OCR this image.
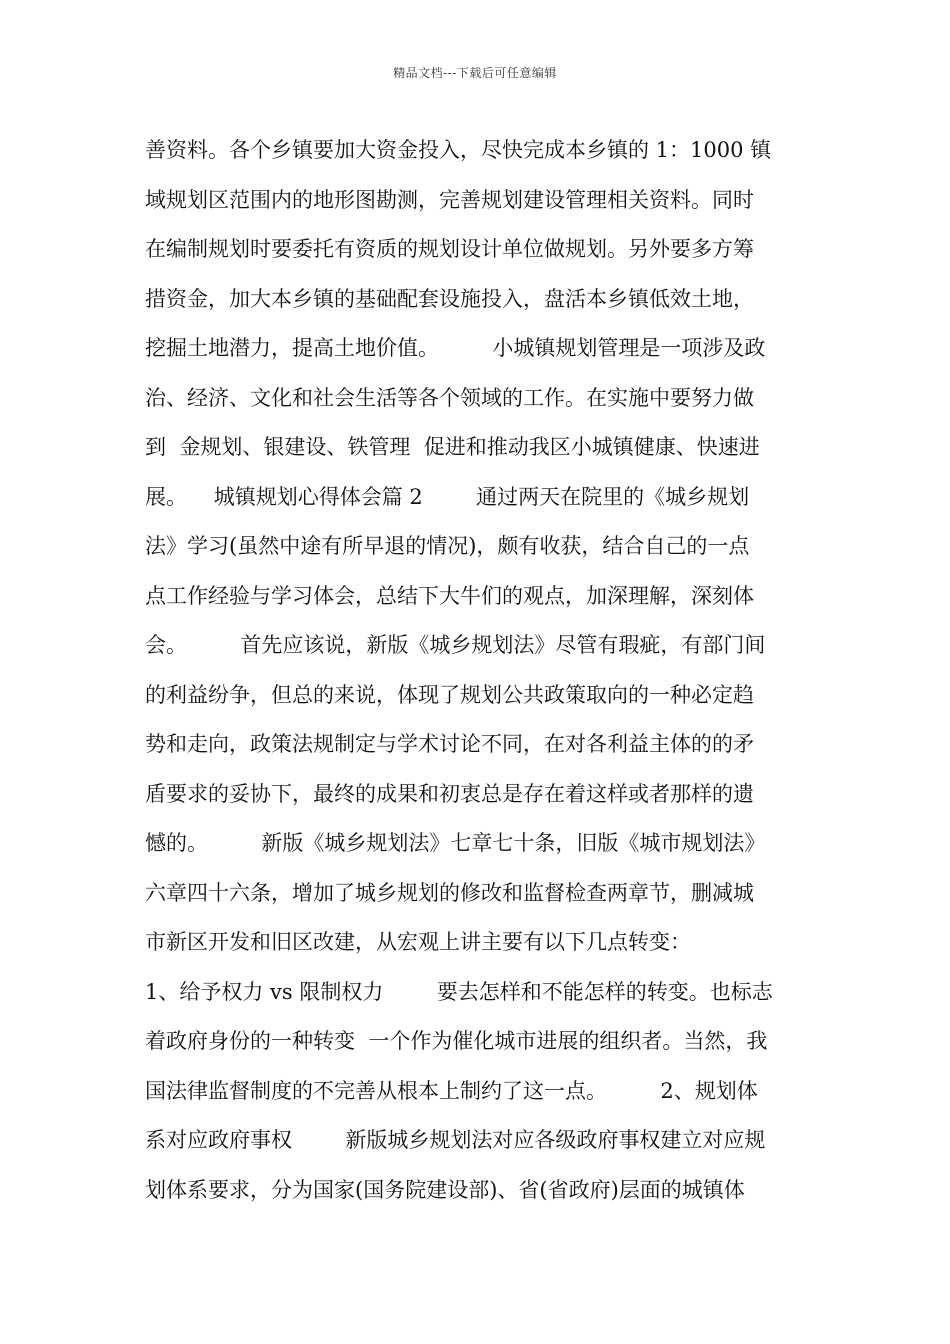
精品文档---下载后可任意编辑
善资料。各个乡镇要加大资金投入，尽快完成本乡镇的 1：1000 镇
域规划区范围内的地形图勘测，完善规划建设管理相关资料。同时
在编制规划时要委托有资质的规划设计单位做规划。另外要多方筹
措资金，加大本乡镇的基础配套设施投入，盘活本乡镇低效土地，
挖掘土地潜力，提高土地价值。        小城镇规划管理是一项涉及政
治、经济、文化和社会生活等各个领域的工作。在实施中要努力做
到  金规划、银建设、铁管理  促进和推动我区小城镇健康、快速进
展。    城镇规划心得体会篇 2        通过两天在院里的《城乡规划
法》学习(虽然中途有所早退的情况)，颇有收获，结合自己的一点
点工作经验与学习体会，总结下大牛们的观点，加深理解，深刻体
会。        首先应该说，新版《城乡规划法》尽管有瑕疵，有部门间
的利益纷争，但总的来说，体现了规划公共政策取向的一种必定趋
势和走向，政策法规制定与学术讨论不同，在对各利益主体的的矛
盾要求的妥协下，最终的成果和初衷总是存在着这样或者那样的遗
憾的。        新版《城乡规划法》七章七十条，旧版《城市规划法》
六章四十六条，增加了城乡规划的修改和监督检查两章节，删减城
市新区开发和旧区改建，从宏观上讲主要有以下几点转变：
1、给予权力 vs 限制权力        要去怎样和不能怎样的转变。也标志
着政府身份的一种转变  一个作为催化城市进展的组织者。当然，我
国法律监督制度的不完善从根本上制约了这一点。        2、规划体
系对应政府事权        新版城乡规划法对应各级政府事权建立对应规
划体系要求，分为国家(国务院建设部)、省(省政府)层面的城镇体
